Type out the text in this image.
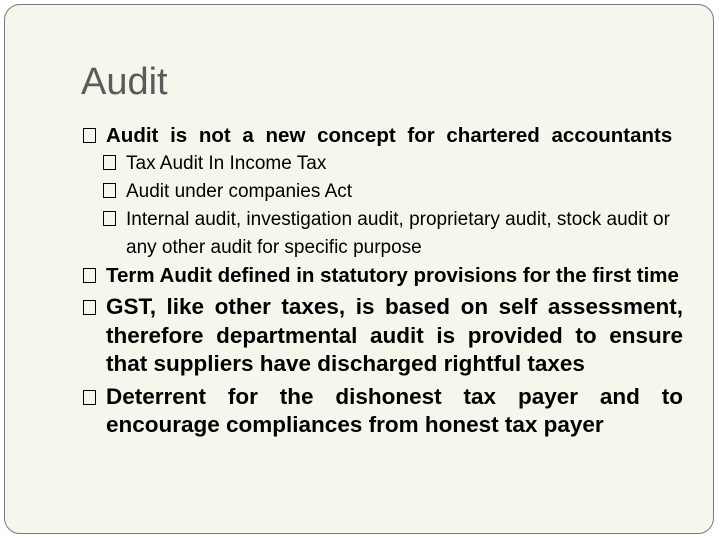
Audit
Audit is not a new concept for chartered accountants
Tax Audit In Income Tax
Audit under companies Act
Internal audit, investigation audit, proprietary audit, stock audit or any other audit for specific purpose
Term Audit defined in statutory provisions for the first time
GST, like other taxes, is based on self assessment, therefore departmental audit is provided to ensure that suppliers have discharged rightful taxes
Deterrent for the dishonest tax payer and to encourage compliances from honest tax payer
